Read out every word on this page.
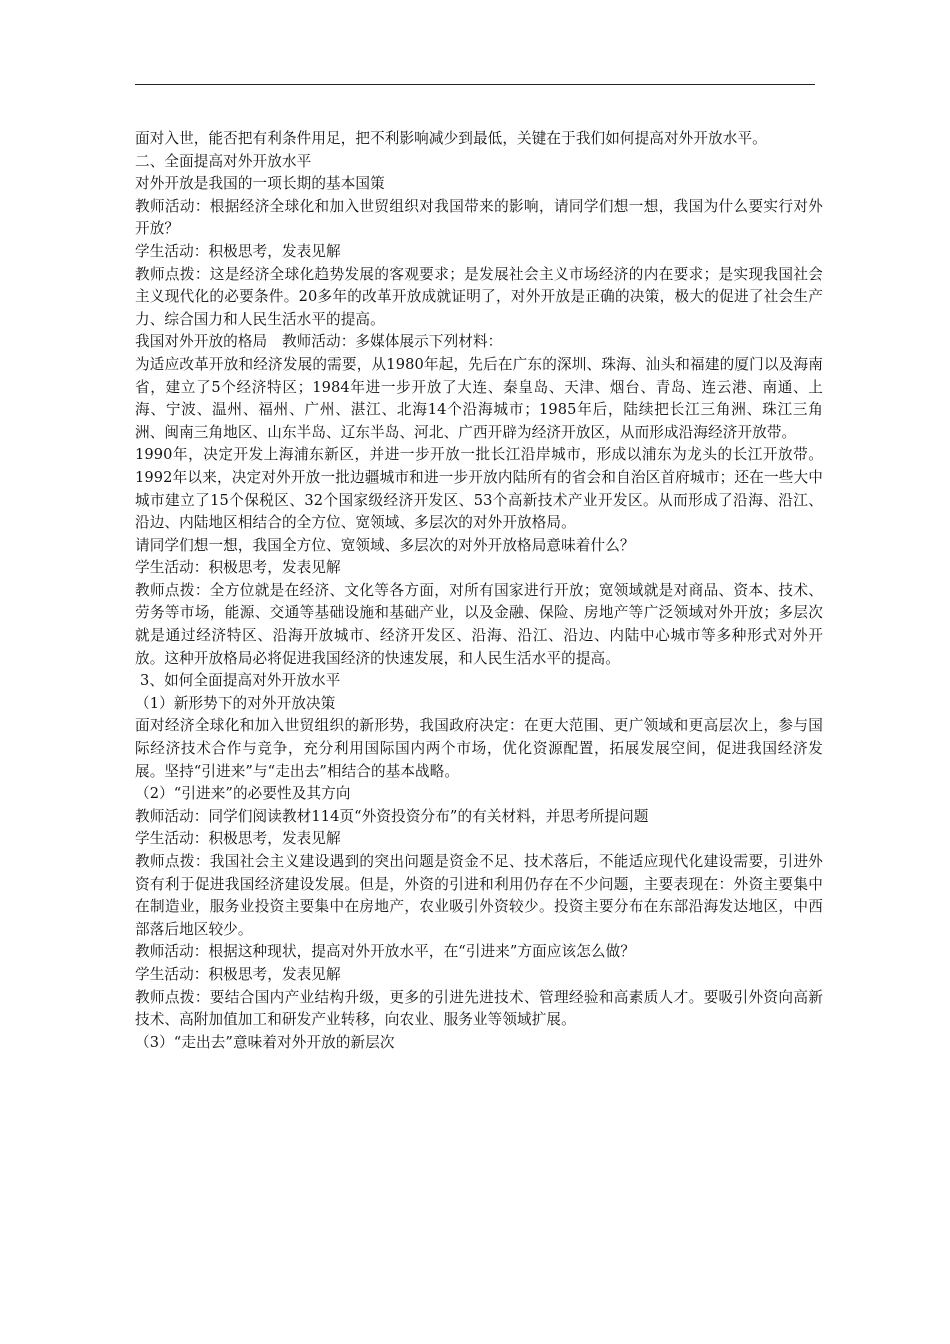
面对入世，能否把有利条件用足，把不利影响减少到最低，关键在于我们如何提高对外开放水平。

二、全面提高对外开放水平

对外开放是我国的一项长期的基本国策

教师活动：根据经济全球化和加入世贸组织对我国带来的影响，请同学们想一想，我国为什么要实行对外开放？

学生活动：积极思考，发表见解

教师点拨：这是经济全球化趋势发展的客观要求；是发展社会主义市场经济的内在要求；是实现我国社会主义现代化的必要条件。20多年的改革开放成就证明了，对外开放是正确的决策，极大的促进了社会生产力、综合国力和人民生活水平的提高。

我国对外开放的格局　教师活动：多媒体展示下列材料：

为适应改革开放和经济发展的需要，从1980年起，先后在广东的深圳、珠海、汕头和福建的厦门以及海南省，建立了5个经济特区；1984年进一步开放了大连、秦皇岛、天津、烟台、青岛、连云港、南通、上海、宁波、温州、福州、广州、湛江、北海14个沿海城市；1985年后，陆续把长江三角洲、珠江三角洲、闽南三角地区、山东半岛、辽东半岛、河北、广西开辟为经济开放区，从而形成沿海经济开放带。

1990年，决定开发上海浦东新区，并进一步开放一批长江沿岸城市，形成以浦东为龙头的长江开放带。1992年以来，决定对外开放一批边疆城市和进一步开放内陆所有的省会和自治区首府城市；还在一些大中城市建立了15个保税区、32个国家级经济开发区、53个高新技术产业开发区。从而形成了沿海、沿江、沿边、内陆地区相结合的全方位、宽领域、多层次的对外开放格局。

请同学们想一想，我国全方位、宽领域、多层次的对外开放格局意味着什么？

学生活动：积极思考，发表见解

教师点拨：全方位就是在经济、文化等各方面，对所有国家进行开放；宽领域就是对商品、资本、技术、劳务等市场，能源、交通等基础设施和基础产业，以及金融、保险、房地产等广泛领域对外开放；多层次就是通过经济特区、沿海开放城市、经济开发区、沿海、沿江、沿边、内陆中心城市等多种形式对外开放。这种开放格局必将促进我国经济的快速发展，和人民生活水平的提高。

3、如何全面提高对外开放水平

（1）新形势下的对外开放决策

面对经济全球化和加入世贸组织的新形势，我国政府决定：在更大范围、更广领域和更高层次上，参与国际经济技术合作与竞争，充分利用国际国内两个市场，优化资源配置，拓展发展空间，促进我国经济发展。坚持“引进来”与“走出去”相结合的基本战略。

（2）“引进来”的必要性及其方向

教师活动：同学们阅读教材114页“外资投资分布”的有关材料，并思考所提问题

学生活动：积极思考，发表见解

教师点拨：我国社会主义建设遇到的突出问题是资金不足、技术落后，不能适应现代化建设需要，引进外资有利于促进我国经济建设发展。但是，外资的引进和利用仍存在不少问题，主要表现在：外资主要集中在制造业，服务业投资主要集中在房地产，农业吸引外资较少。投资主要分布在东部沿海发达地区，中西部落后地区较少。

教师活动：根据这种现状，提高对外开放水平，在“引进来”方面应该怎么做？

学生活动：积极思考，发表见解

教师点拨：要结合国内产业结构升级，更多的引进先进技术、管理经验和高素质人才。要吸引外资向高新技术、高附加值加工和研发产业转移，向农业、服务业等领域扩展。

（3）“走出去”意味着对外开放的新层次
